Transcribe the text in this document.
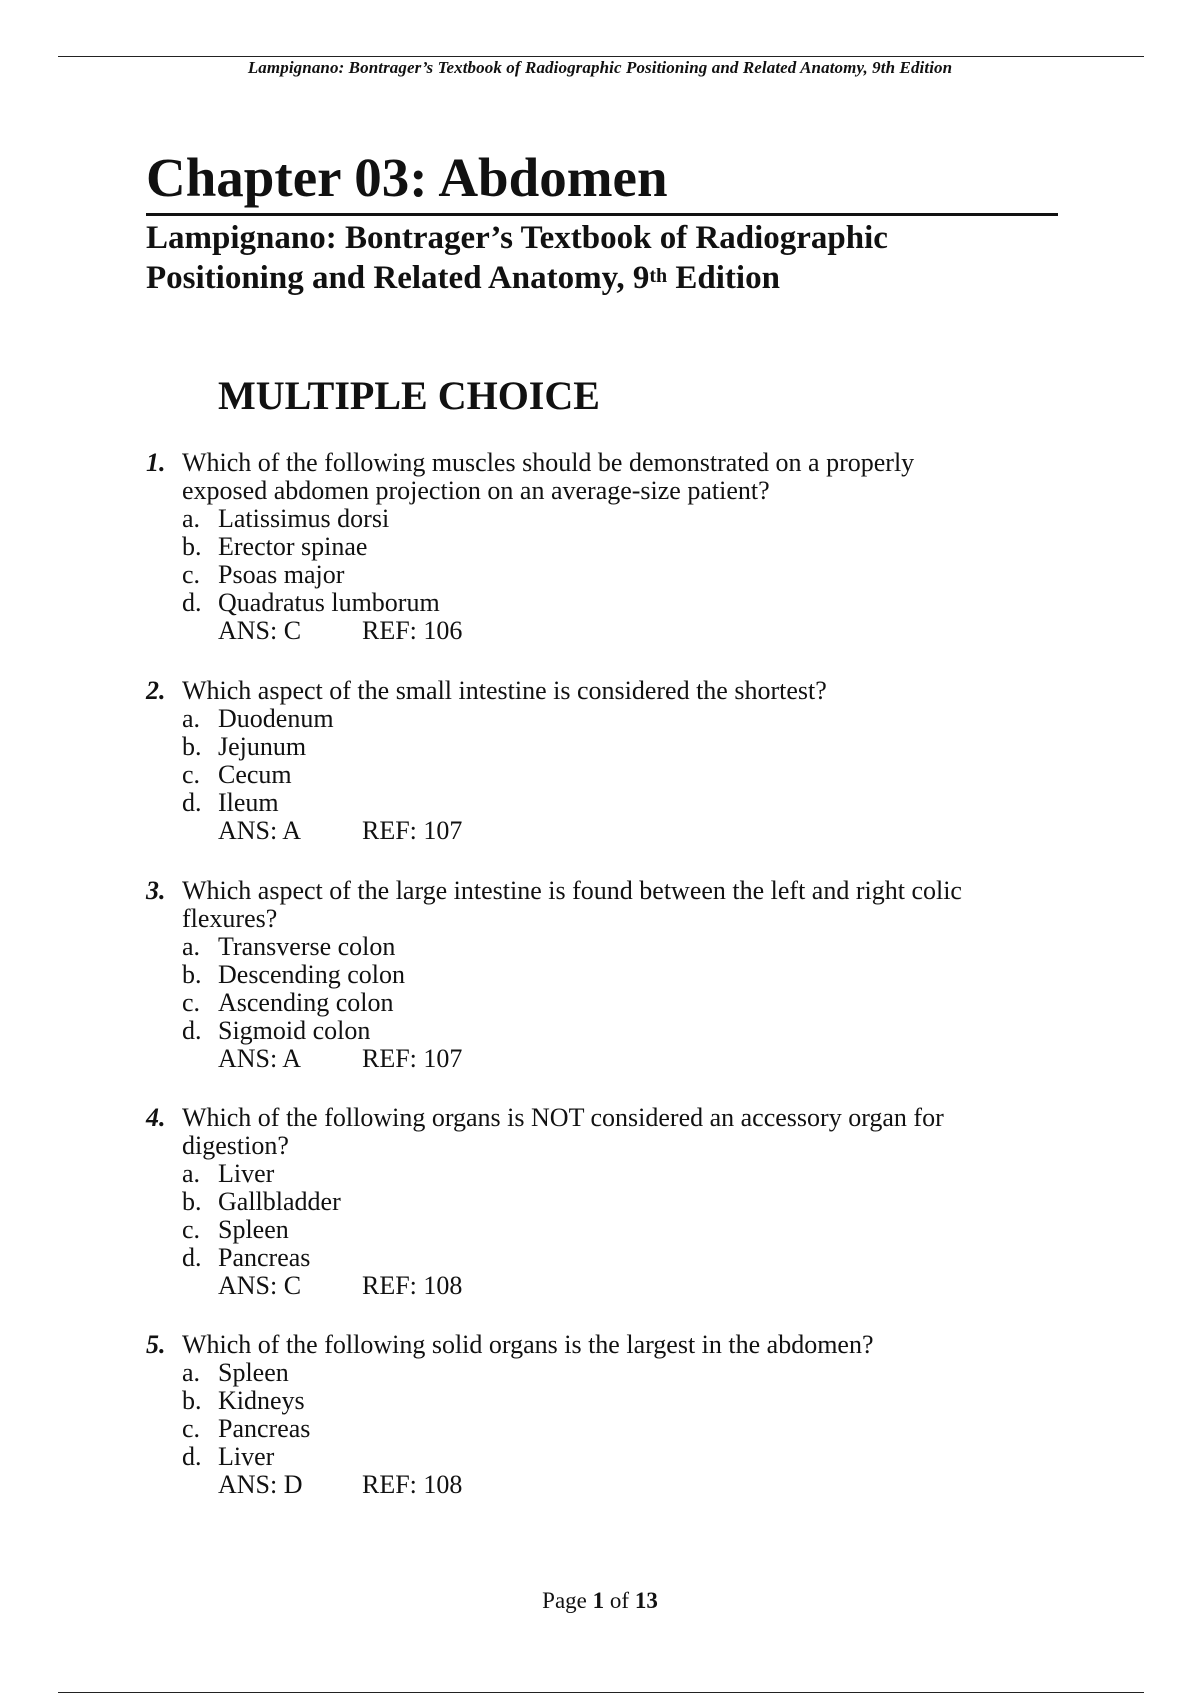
Lampignano: Bontrager’s Textbook of Radiographic Positioning and Related Anatomy, 9th Edition
Chapter 03: Abdomen
Lampignano: Bontrager’s Textbook of Radiographic
Positioning and Related Anatomy, 9th Edition
MULTIPLE CHOICE
1. Which of the following muscles should be demonstrated on a properly
exposed abdomen projection on an average-size patient?
a. Latissimus dorsi
b. Erector spinae
c. Psoas major
d. Quadratus lumborum
ANS: C REF: 106
2. Which aspect of the small intestine is considered the shortest?
a. Duodenum
b. Jejunum
c. Cecum
d. Ileum
ANS: A REF: 107
3. Which aspect of the large intestine is found between the left and right colic
flexures?
a. Transverse colon
b. Descending colon
c. Ascending colon
d. Sigmoid colon
ANS: A REF: 107
4. Which of the following organs is NOT considered an accessory organ for
digestion?
a. Liver
b. Gallbladder
c. Spleen
d. Pancreas
ANS: C REF: 108
5. Which of the following solid organs is the largest in the abdomen?
a. Spleen
b. Kidneys
c. Pancreas
d. Liver
ANS: D REF: 108
Page 1 of 13
